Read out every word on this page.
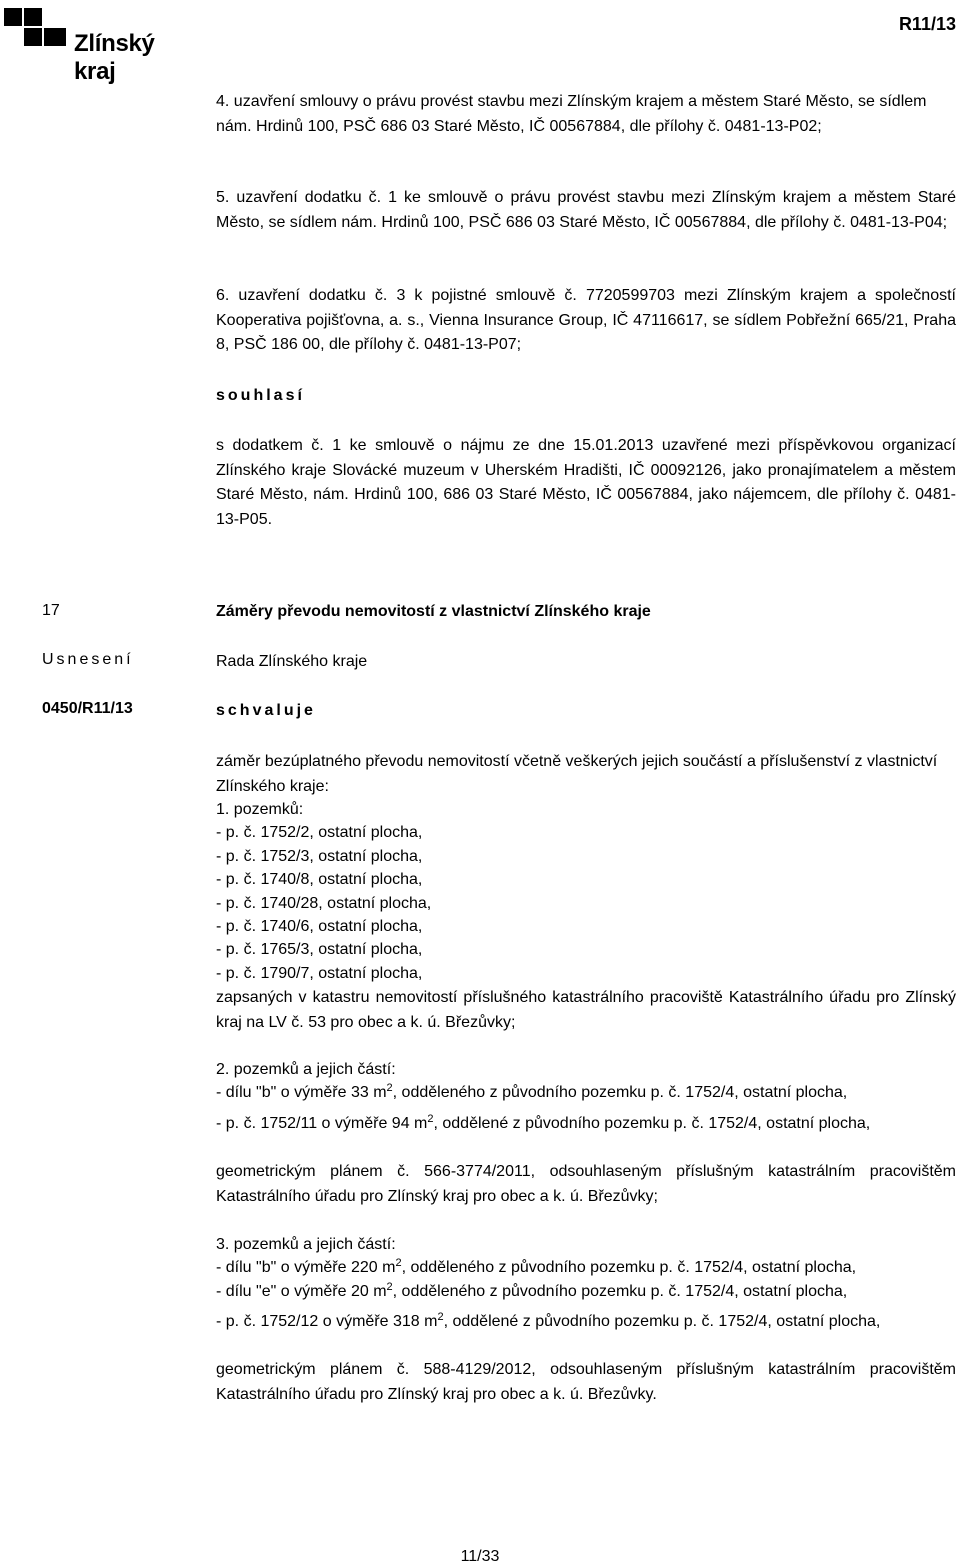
Zlínský kraj
R11/13

4. uzavření smlouvy o právu provést stavbu mezi Zlínským krajem a městem Staré Město, se sídlem nám. Hrdinů 100, PSČ 686 03 Staré Město, IČ 00567884, dle přílohy č. 0481-13-P02;

5. uzavření dodatku č. 1 ke smlouvě o právu provést stavbu mezi Zlínským krajem a městem Staré Město, se sídlem nám. Hrdinů 100, PSČ 686 03 Staré Město, IČ 00567884, dle přílohy č. 0481-13-P04;

6. uzavření dodatku č. 3 k pojistné smlouvě č. 7720599703 mezi Zlínským krajem a společností Kooperativa pojišťovna, a. s., Vienna Insurance Group, IČ 47116617, se sídlem Pobřežní 665/21, Praha 8, PSČ 186 00, dle přílohy č. 0481-13-P07;

souhlasí

s dodatkem č. 1 ke smlouvě o nájmu ze dne 15.01.2013 uzavřené mezi příspěvkovou organizací Zlínského kraje Slovácké muzeum v Uherském Hradišti, IČ 00092126, jako pronajímatelem a městem Staré Město, nám. Hrdinů 100, 686 03 Staré Město, IČ 00567884, jako nájemcem, dle přílohy č. 0481-13-P05.

17	Záměry převodu nemovitostí z vlastnictví Zlínského kraje
Usnesení	Rada Zlínského kraje
0450/R11/13	schvaluje

záměr bezúplatného převodu nemovitostí včetně veškerých jejich součástí a příslušenství z vlastnictví Zlínského kraje:

1. pozemků:
- p. č. 1752/2, ostatní plocha,
- p. č. 1752/3, ostatní plocha,
- p. č. 1740/8, ostatní plocha,
- p. č. 1740/28, ostatní plocha,
- p. č. 1740/6, ostatní plocha,
- p. č. 1765/3, ostatní plocha,
- p. č. 1790/7, ostatní plocha,

zapsaných v katastru nemovitostí příslušného katastrálního pracoviště Katastrálního úřadu pro Zlínský kraj na LV č. 53 pro obec a k. ú. Březůvky;

2. pozemků a jejich částí:
- dílu "b" o výměře 33 $m^2$, odděleného z původního pozemku p. č. 1752/4, ostatní plocha,

- p. č. 1752/11 o výměře 94 $m^2$, oddělené z původního pozemku p. č. 1752/4, ostatní plocha,

geometrickým plánem č. 566-3774/2011, odsouhlaseným příslušným katastrálním pracovištěm Katastrálního úřadu pro Zlínský kraj pro obec a k. ú. Březůvky;

3. pozemků a jejich částí:
- dílu "b" o výměře 220 $m^2$, odděleného z původního pozemku p. č. 1752/4, ostatní plocha,
- dílu "e" o výměře 20 $m^2$, odděleného z původního pozemku p. č. 1752/4, ostatní plocha,

- p. č. 1752/12 o výměře 318 $m^2$, oddělené z původního pozemku p. č. 1752/4, ostatní plocha,

geometrickým plánem č. 588-4129/2012, odsouhlaseným příslušným katastrálním pracovištěm Katastrálního úřadu pro Zlínský kraj pro obec a k. ú. Březůvky.

11/33
